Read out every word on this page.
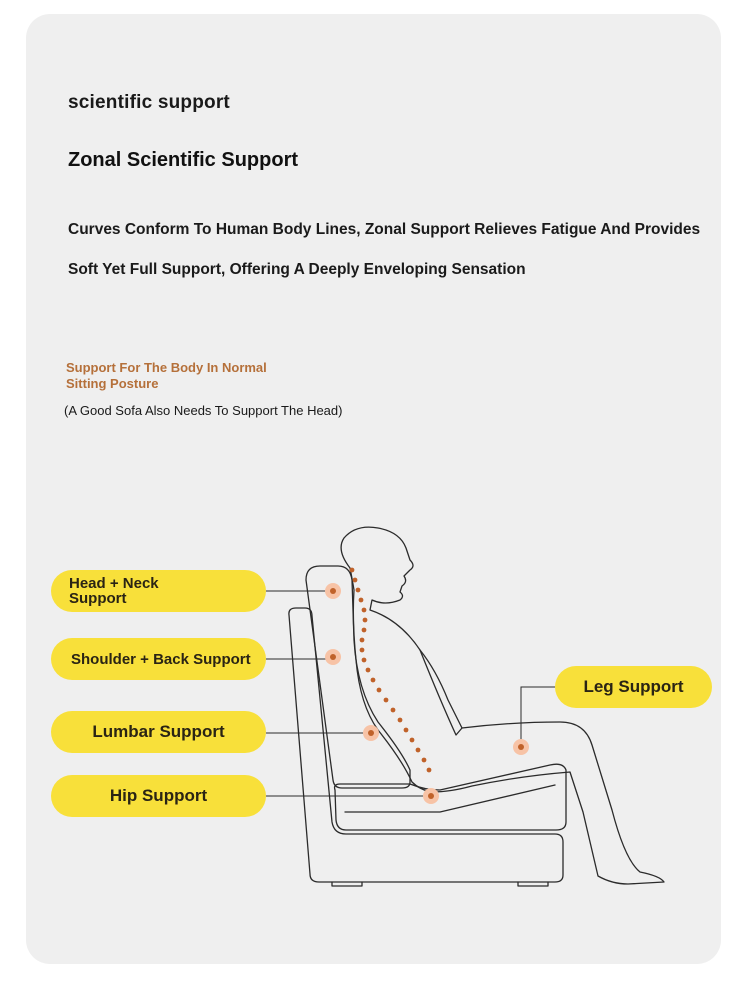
scientific support
Zonal Scientific Support
Curves Conform To Human Body Lines, Zonal Support Relieves Fatigue And Provides
Soft Yet Full Support, Offering A Deeply Enveloping Sensation
Support For The Body In Normal Sitting Posture
(A Good Sofa Also Needs To Support The Head)
Head + Neck Support
Shoulder + Back Support
Lumbar Support
Hip Support
Leg Support
